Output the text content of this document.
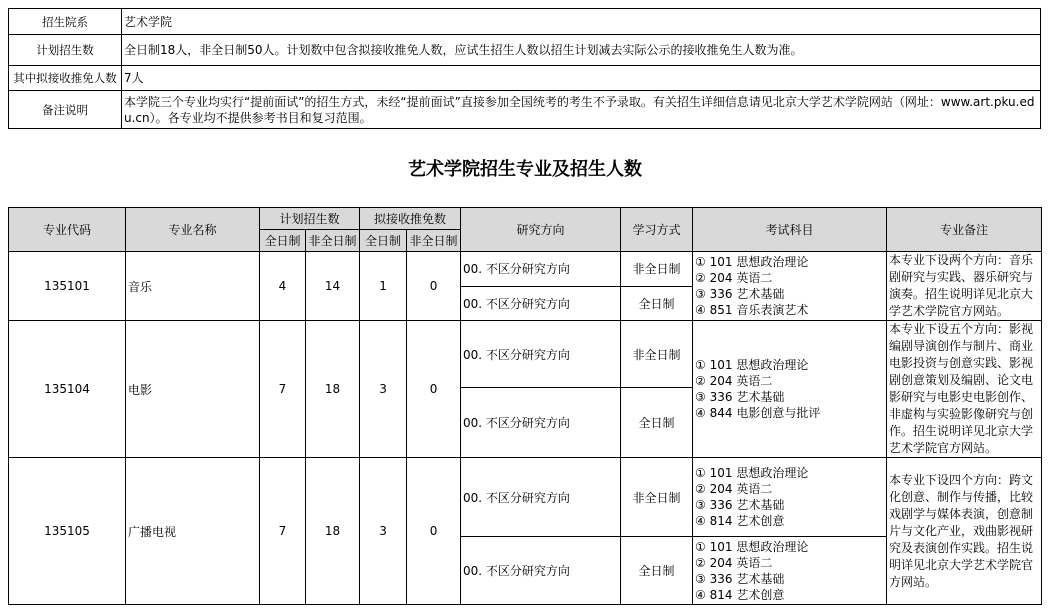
招生院系	艺术学院
计划招生数	全日制18人，非全日制50人。计划数中包含拟接收推免人数，应试生招生人数以招生计划减去实际公示的接收推免生人数为准。
其中拟接收推免人数	7人
备注说明	本学院三个专业均实行“提前面试”的招生方式，未经“提前面试”直接参加全国统考的考生不予录取。有关招生详细信息请见北京大学艺术学院网站（网址：www.art.pku.edu.cn）。各专业均不提供参考书目和复习范围。
艺术学院招生专业及招生人数
专业代码	专业名称	计划招生数		拟接收推免数		研究方向	学习方式	考试科目	专业备注
		全日制	非全日制	全日制	非全日制				
135101	音乐	4	14	1	0	00. 不区分研究方向	非全日制	① 101 思想政治理论
② 204 英语二
③ 336 艺术基础
④ 851 音乐表演艺术	本专业下设两个方向：音乐剧研究与实践、器乐研究与演奏。招生说明详见北京大学艺术学院官方网站。
						00. 不区分研究方向	全日制		
135104	电影	7	18	3	0	00. 不区分研究方向	非全日制	① 101 思想政治理论
② 204 英语二
③ 336 艺术基础
④ 844 电影创意与批评	本专业下设五个方向：影视编剧导演创作与制片、商业电影投资与创意实践、影视剧创意策划及编剧、论文电影研究与电影史电影创作、非虚构与实验影像研究与创作。招生说明详见北京大学艺术学院官方网站。
						00. 不区分研究方向	全日制		
135105	广播电视	7	18	3	0	00. 不区分研究方向	非全日制	① 101 思想政治理论
② 204 英语二
③ 336 艺术基础
④ 814 艺术创意	本专业下设四个方向：跨文化创意、制作与传播，比较戏剧学与媒体表演，创意制片与文化产业，戏曲影视研究及表演创作实践。招生说明详见北京大学艺术学院官方网站。
						00. 不区分研究方向	全日制	① 101 思想政治理论
② 204 英语二
③ 336 艺术基础
④ 814 艺术创意	
